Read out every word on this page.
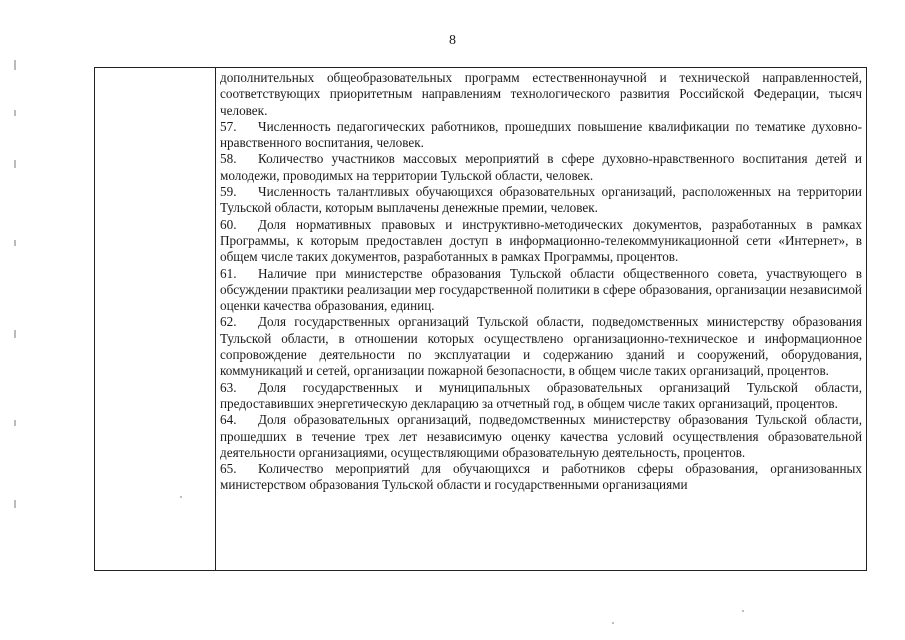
8

дополнительных общеобразовательных программ естественнонаучной и технической направленностей, соответствующих приоритетным направлениям технологического развития Российской Федерации, тысяч человек.

57. Численность педагогических работников, прошедших повышение квалификации по тематике духовно-нравственного воспитания, человек.

58. Количество участников массовых мероприятий в сфере духовно-нравственного воспитания детей и молодежи, проводимых на территории Тульской области, человек.

59. Численность талантливых обучающихся образовательных организаций, расположенных на территории Тульской области, которым выплачены денежные премии, человек.

60. Доля нормативных правовых и инструктивно-методических документов, разработанных в рамках Программы, к которым предоставлен доступ в информационно-телекоммуникационной сети «Интернет», в общем числе таких документов, разработанных в рамках Программы, процентов.

61. Наличие при министерстве образования Тульской области общественного совета, участвующего в обсуждении практики реализации мер государственной политики в сфере образования, организации независимой оценки качества образования, единиц.

62. Доля государственных организаций Тульской области, подведомственных министерству образования Тульской области, в отношении которых осуществлено организационно-техническое и информационное сопровождение деятельности по эксплуатации и содержанию зданий и сооружений, оборудования, коммуникаций и сетей, организации пожарной безопасности, в общем числе таких организаций, процентов.

63. Доля государственных и муниципальных образовательных организаций Тульской области, предоставивших энергетическую декларацию за отчетный год, в общем числе таких организаций, процентов.

64. Доля образовательных организаций, подведомственных министерству образования Тульской области, прошедших в течение трех лет независимую оценку качества условий осуществления образовательной деятельности организациями, осуществляющими образовательную деятельность, процентов.

65. Количество мероприятий для обучающихся и работников сферы образования, организованных министерством образования Тульской области и государственными организациями
